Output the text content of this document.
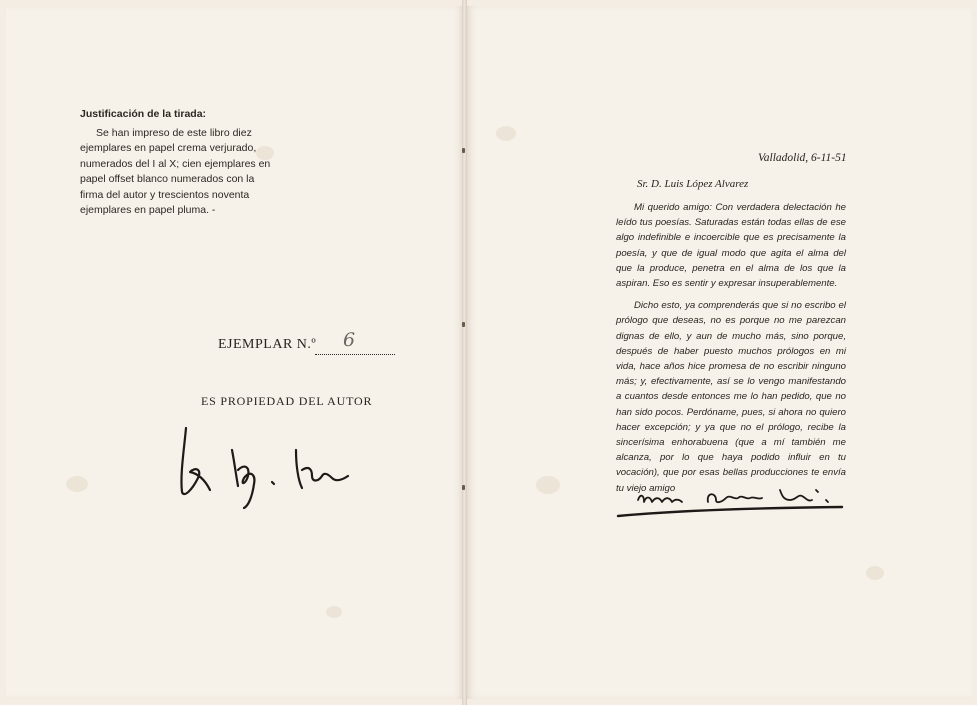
Justificación de la tirada:

Se han impreso de este libro diez ejemplares en papel crema verjurado, numerados del I al X; cien ejemplares en papel offset blanco numerados con la firma del autor y trescientos noventa ejemplares en papel pluma. -

EJEMPLAR N.º 6
ES PROPIEDAD DEL AUTOR
Valladolid, 6-11-51
Sr. D. Luis López Alvarez

Mi querido amigo: Con verdadera delectación he leído tus poesías. Saturadas están todas ellas de ese algo indefinible e incoercible que es precisamente la poesía, y que de igual modo que agita el alma del que la produce, penetra en el alma de los que la aspiran. Eso es sentir y expresar insuperablemente.

Dicho esto, ya comprenderás que si no escribo el prólogo que deseas, no es porque no me parezcan dignas de ello, y aun de mucho más, sino porque, después de haber puesto muchos prólogos en mi vida, hace años hice promesa de no escribir ninguno más; y, efectivamente, así se lo vengo manifestando a cuantos desde entonces me lo han pedido, que no han sido pocos. Perdóname, pues, si ahora no quiero hacer excepción; y ya que no el prólogo, recibe la sincerísima enhorabuena (que a mí también me alcanza, por lo que haya podido influir en tu vocación), que por esas bellas producciones te envía tu viejo amigo
